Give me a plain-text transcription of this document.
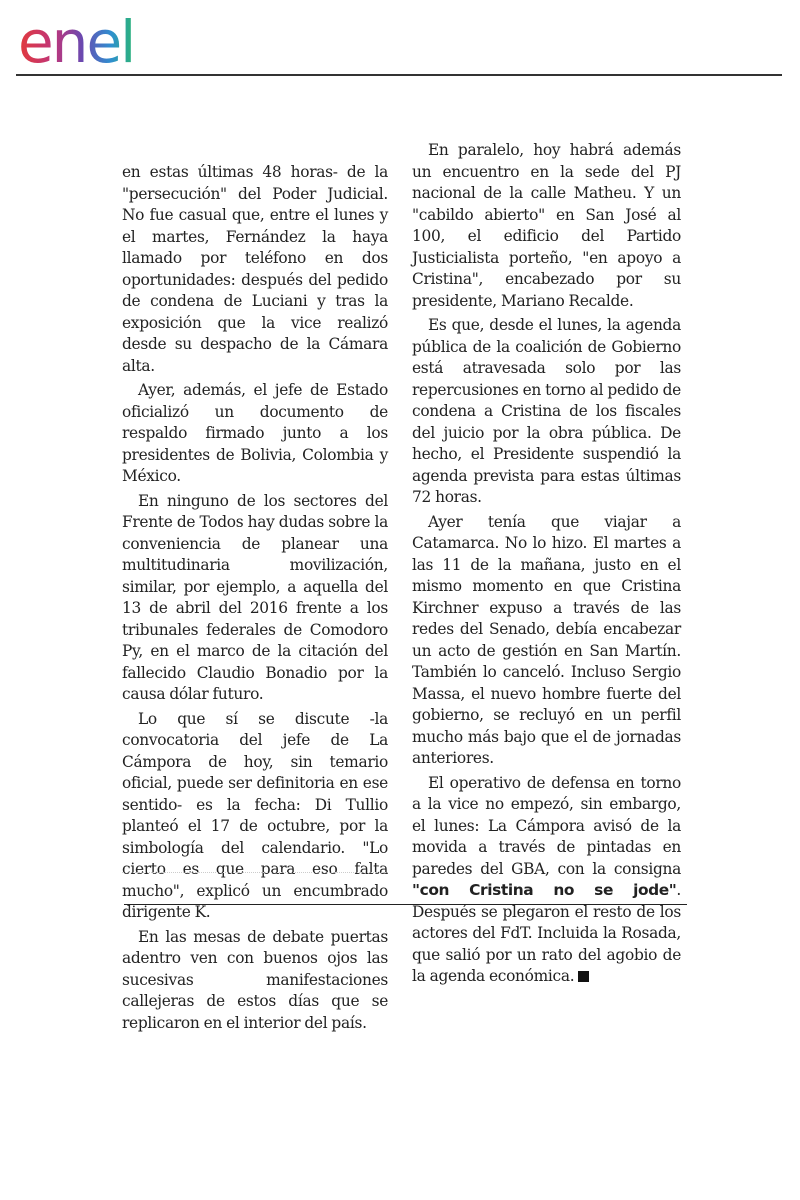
enel

en estas últimas 48 horas- de la "persecución" del Poder Judicial. No fue casual que, entre el lunes y el martes, Fernández la haya llamado por teléfono en dos oportunidades: después del pedido de condena de Luciani y tras la exposición que la vice realizó desde su despacho de la Cámara alta.

Ayer, además, el jefe de Estado oficializó un documento de respaldo firmado junto a los presidentes de Bolivia, Colombia y México.

En ninguno de los sectores del Frente de Todos hay dudas sobre la conveniencia de planear una multitudinaria movilización, similar, por ejemplo, a aquella del 13 de abril del 2016 frente a los tribunales federales de Comodoro Py, en el marco de la citación del fallecido Claudio Bonadio por la causa dólar futuro.

Lo que sí se discute -la convocatoria del jefe de La Cámpora de hoy, sin temario oficial, puede ser definitoria en ese sentido- es la fecha: Di Tullio planteó el 17 de octubre, por la simbología del calendario. "Lo cierto es que para eso falta mucho", explicó un encumbrado dirigente K.

En las mesas de debate puertas adentro ven con buenos ojos las sucesivas manifestaciones callejeras de estos días que se replicaron en el interior del país.

En paralelo, hoy habrá además un encuentro en la sede del PJ nacional de la calle Matheu. Y un "cabildo abierto" en San José al 100, el edificio del Partido Justicialista porteño, "en apoyo a Cristina", encabezado por su presidente, Mariano Recalde.

Es que, desde el lunes, la agenda pública de la coalición de Gobierno está atravesada solo por las repercusiones en torno al pedido de condena a Cristina de los fiscales del juicio por la obra pública. De hecho, el Presidente suspendió la agenda prevista para estas últimas 72 horas.

Ayer tenía que viajar a Catamarca. No lo hizo. El martes a las 11 de la mañana, justo en el mismo momento en que Cristina Kirchner expuso a través de las redes del Senado, debía encabezar un acto de gestión en San Martín. También lo canceló. Incluso Sergio Massa, el nuevo hombre fuerte del gobierno, se recluyó en un perfil mucho más bajo que el de jornadas anteriores.

El operativo de defensa en torno a la vice no empezó, sin embargo, el lunes: La Cámpora avisó de la movida a través de pintadas en paredes del GBA, con la consigna "con Cristina no se jode". Después se plegaron el resto de los actores del FdT. Incluida la Rosada, que salió por un rato del agobio de la agenda económica.
